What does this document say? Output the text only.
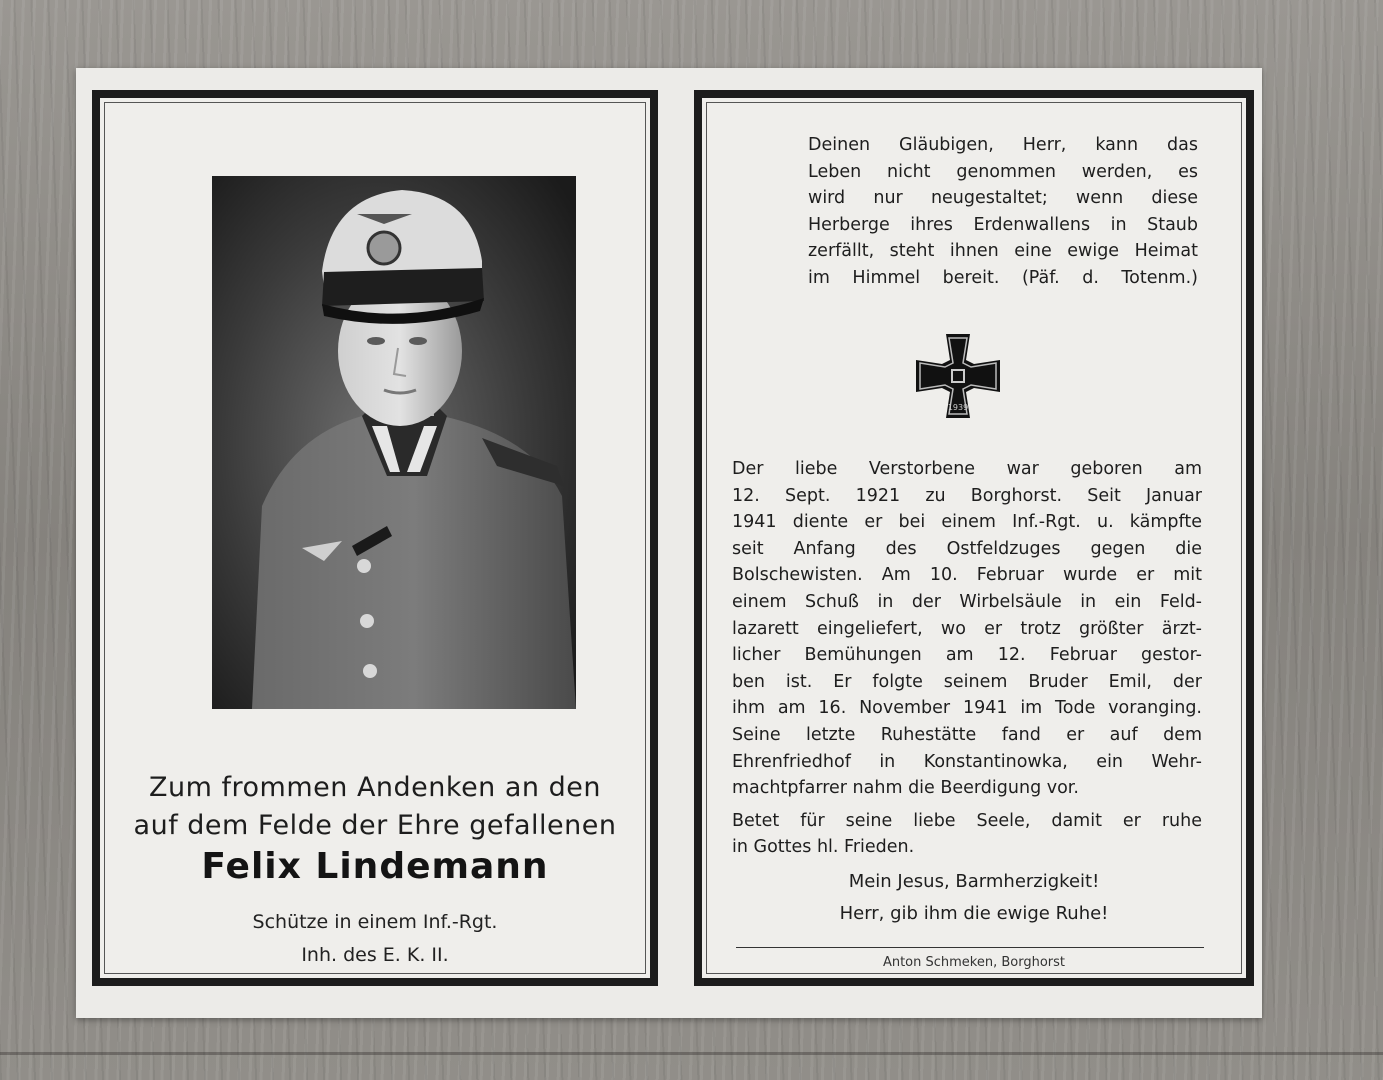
Zum frommen Andenken an den
auf dem Felde der Ehre gefallenen
Felix Lindemann
Schütze in einem Inf.-Rgt.
Inh. des E. K. II.
Deinen Gläubigen, Herr, kann das
Leben nicht genommen werden, es
wird nur neugestaltet; wenn diese
Herberge ihres Erdenwallens in Staub
zerfällt, steht ihnen eine ewige Heimat
im Himmel bereit. (Päf. d. Totenm.)
1939
Der liebe Verstorbene war geboren am
12. Sept. 1921 zu Borghorst. Seit Januar
1941 diente er bei einem Inf.-Rgt. u. kämpfte
seit Anfang des Ostfeldzuges gegen die
Bolschewisten. Am 10. Februar wurde er mit
einem Schuß in der Wirbelsäule in ein Feld-
lazarett eingeliefert, wo er trotz größter ärzt-
licher Bemühungen am 12. Februar gestor-
ben ist. Er folgte seinem Bruder Emil, der
ihm am 16. November 1941 im Tode voranging.
Seine letzte Ruhestätte fand er auf dem
Ehrenfriedhof in Konstantinowka, ein Wehr-
machtpfarrer nahm die Beerdigung vor.
Betet für seine liebe Seele, damit er ruhe
in Gottes hl. Frieden.
Mein Jesus, Barmherzigkeit!
Herr, gib ihm die ewige Ruhe!
Anton Schmeken, Borghorst
